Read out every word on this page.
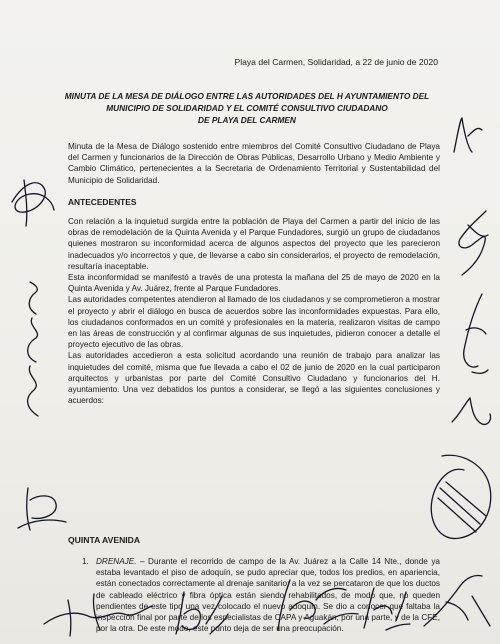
Playa del Carmen, Solidaridad, a 22 de junio de 2020
MINUTA DE LA MESA DE DIÁLOGO ENTRE LAS AUTORIDADES DEL H AYUNTAMIENTO DEL
MUNICIPIO DE SOLIDARIDAD Y EL COMITÉ CONSULTIVO CIUDADANO
DE PLAYA DEL CARMEN

Minuta de la Mesa de Diálogo sostenido entre miembros del Comité Consultivo Ciudadano de Playa del Carmen y funcionarios de la Dirección de Obras Públicas, Desarrollo Urbano y Medio Ambiente y Cambio Climático, pertenecientes a la Secretaria de Ordenamiento Territorial y Sustentabilidad del Municipio de Solidaridad.

ANTECEDENTES

Con relación a la inquietud surgida entre la población de Playa del Carmen a partir del inicio de las obras de remodelación de la Quinta Avenida y el Parque Fundadores, surgió un grupo de ciudadanos quienes mostraron su inconformidad acerca de algunos aspectos del proyecto que les parecieron inadecuados y/o incorrectos y que, de llevarse a cabo sin considerarlos, el proyecto de remodelación, resultaría inaceptable.

Esta inconformidad se manifestó a través de una protesta la mañana del 25 de mayo de 2020 en la Quinta Avenida y Av. Juárez, frente al Parque Fundadores.

Las autoridades competentes atendieron al llamado de los ciudadanos y se comprometieron a mostrar el proyecto y abrir el diálogo en busca de acuerdos sobre las inconformidades expuestas. Para ello, los ciudadanos conformados en un comité y profesionales en la materia, realizaron visitas de campo en las áreas de construcción y al confirmar algunas de sus inquietudes, pidieron conocer a detalle el proyecto ejecutivo de las obras.

Las autoridades accedieron a esta solicitud acordando una reunión de trabajo para analizar las inquietudes del comité, misma que fue llevada a cabo el 02 de junio de 2020 en la cual participaron arquitectos y urbanistas por parte del Comité Consultivo Ciudadano y funcionarios del H. ayuntamiento. Una vez debatidos los puntos a considerar, se llegó a las siguientes conclusiones y acuerdos:

QUINTA AVENIDA
1. DRENAJE. – Durante el recorrido de campo de la Av. Juárez a la Calle 14 Nte., donde ya estaba levantado el piso de adoquín, se pudo apreciar que, todos los predios, en apariencia, están conectados correctamente al drenaje sanitario; a la vez se percataron de que los ductos de cableado eléctrico y fibra óptica están siendo rehabilitados, de modo que, no queden pendientes de este tipo una vez colocado el nuevo adoquín. Se dio a conocer que faltaba la inspección final por parte de los especialistas de CAPA y Aguakán, por una parte, y de la CFE, por la otra. De este modo, este punto deja de ser una preocupación.
